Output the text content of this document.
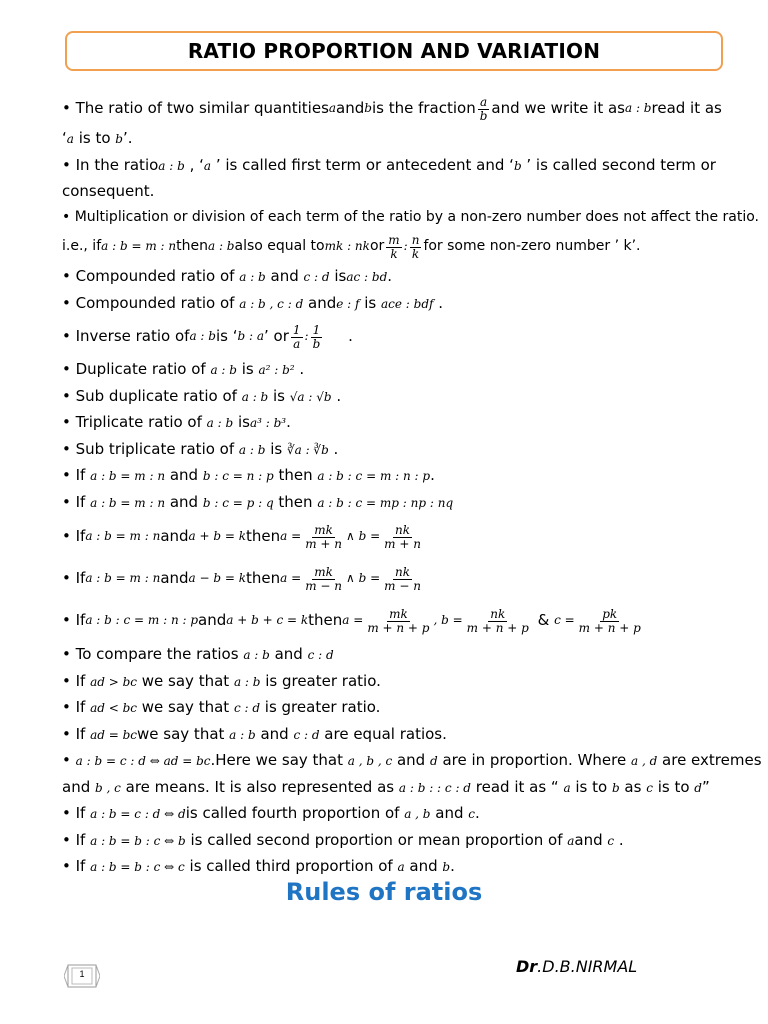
RATIO PROPORTION AND VARIATION
• The ratio of two similar quantities a and b is the fraction $\frac{a}{b}$ and we write it as a : b read it as
‘a is to b’.
• In the ratioa : b , ‘a ’ is called first term or antecedent and ‘b ’ is called second term or
consequent.
• Multiplication or division of each term of the ratio by a non-zero number does not affect the ratio.
i.e., if a : b = m : n then a : b also equal to mk : nk or $\frac{m}{k}$ : $\frac{n}{k}$ for some non-zero number ’ k’.
• Compounded ratio of a : b and c : d isac : bd.
• Compounded ratio of a : b , c : d ande : f is ace : bdf .
• Inverse ratio of a : b is ‘ b : a ’ or $\frac{1}{a}$ : $\frac{1}{b}$ .
• Duplicate ratio of a : b is a² : b² .
• Sub duplicate ratio of a : b is √a : √b .
• Triplicate ratio of a : b isa³ : b³.
• Sub triplicate ratio of a : b is ∛a : ∛b .
• If a : b = m : n and b : c = n : p then a : b : c = m : n : p.
• If a : b = m : n and b : c = p : q then a : b : c = mp : np : nq
• If a : b = m : n and a + b = k then $a = \frac{mk}{m + n}$ ∧ $b = \frac{nk}{m + n}$
• If a : b = m : n and a − b = k then $a = \frac{mk}{m - n}$ ∧ $b = \frac{nk}{m - n}$
• If a : b : c = m : n : p and a + b + c = k then $a = \frac{mk}{m + n + p}$ , $b = \frac{nk}{m + n + p}$ & $c = \frac{pk}{m + n + p}$
• To compare the ratios a : b and c : d
• If ad > bc we say that a : b is greater ratio.
• If ad < bc we say that c : d is greater ratio.
• If ad = bcwe say that a : b and c : d are equal ratios.
• a : b = c : d ⇔ ad = bc.Here we say that a , b , c and d are in proportion. Where a , d are extremes
and b , c are means. It is also represented as a : b : : c : d read it as “ a is to b as c is to d”
• If a : b = c : d ⇔ dis called fourth proportion of a , b and c.
• If a : b = b : c ⇔ b is called second proportion or mean proportion of aand c .
• If a : b = b : c ⇔ c is called third proportion of a and b.
Rules of ratios
1	Dr.D.B.NIRMAL
